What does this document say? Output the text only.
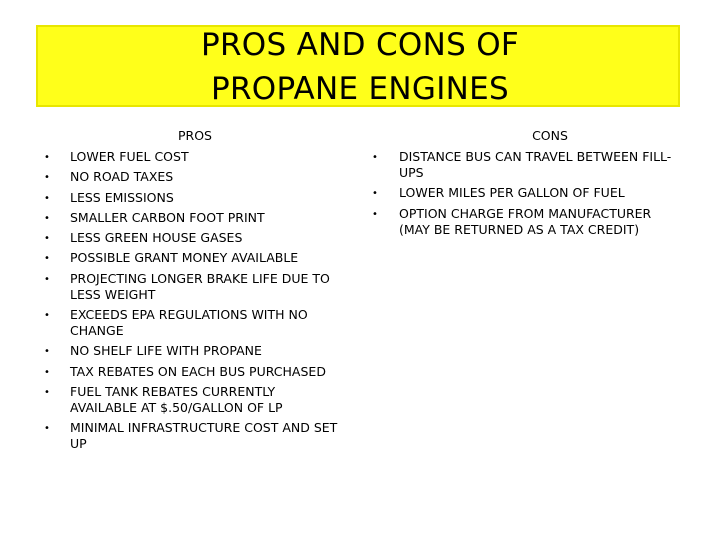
PROS AND CONS OF
PROPANE ENGINES
PROS
• LOWER FUEL COST
• NO ROAD TAXES
• LESS EMISSIONS
• SMALLER CARBON FOOT PRINT
• LESS GREEN HOUSE GASES
• POSSIBLE GRANT MONEY AVAILABLE
• PROJECTING LONGER BRAKE LIFE DUE TO LESS WEIGHT
• EXCEEDS EPA REGULATIONS WITH NO CHANGE
• NO SHELF LIFE WITH PROPANE
• TAX REBATES ON EACH BUS PURCHASED
• FUEL TANK REBATES CURRENTLY AVAILABLE AT $.50/GALLON OF LP
• MINIMAL INFRASTRUCTURE COST AND SET UP
CONS
• DISTANCE BUS CAN TRAVEL BETWEEN FILL-UPS
• LOWER MILES PER GALLON OF FUEL
• OPTION CHARGE FROM MANUFACTURER (MAY BE RETURNED AS A TAX CREDIT)
